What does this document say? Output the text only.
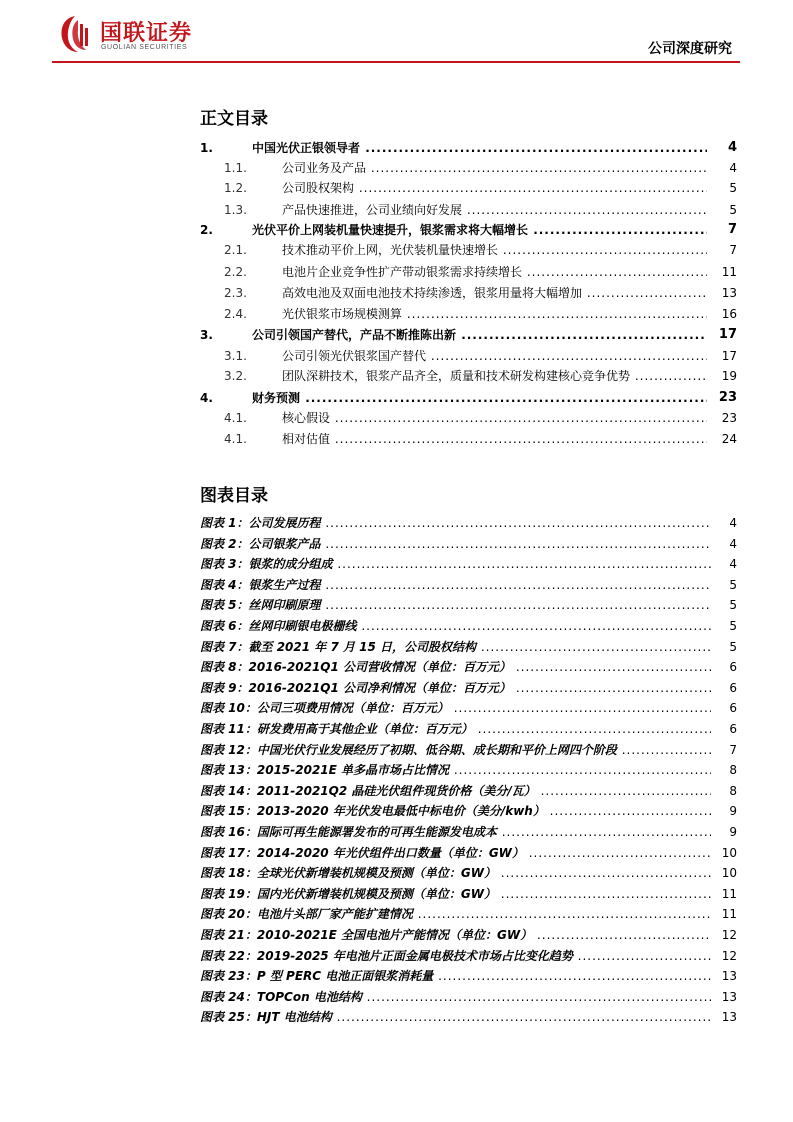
国联证券
GUOLIAN SECURITIES	公司深度研究
正文目录
1.	中国光伏正银领导者 .....	4
1.1.	公司业务及产品 .....	4
1.2.	公司股权架构 .....	5
1.3.	产品快速推进，公司业绩向好发展 .....	5
2.	光伏平价上网装机量快速提升，银浆需求将大幅增长 .....	7
2.1.	技术推动平价上网，光伏装机量快速增长 .....	7
2.2.	电池片企业竞争性扩产带动银浆需求持续增长 .....	11
2.3.	高效电池及双面电池技术持续渗透，银浆用量将大幅增加 .....	13
2.4.	光伏银浆市场规模测算 .....	16
3.	公司引领国产替代，产品不断推陈出新 .....	17
3.1.	公司引领光伏银浆国产替代 .....	17
3.2.	团队深耕技术，银浆产品齐全，质量和技术研发构建核心竞争优势 .....	19
4.	财务预测 .....	23
4.1.	核心假设 .....	23
4.1.	相对估值 .....	24
图表目录
图表 1：公司发展历程 .....	4
图表 2：公司银浆产品 .....	4
图表 3：银浆的成分组成 .....	4
图表 4：银浆生产过程 .....	5
图表 5：丝网印刷原理 .....	5
图表 6：丝网印刷银电极栅线 .....	5
图表 7：截至 2021 年 7 月 15 日，公司股权结构 .....	5
图表 8：2016-2021Q1 公司营收情况（单位：百万元） .....	6
图表 9：2016-2021Q1 公司净利情况（单位：百万元） .....	6
图表 10：公司三项费用情况（单位：百万元） .....	6
图表 11：研发费用高于其他企业（单位：百万元） .....	6
图表 12：中国光伏行业发展经历了初期、低谷期、成长期和平价上网四个阶段 .....	7
图表 13：2015-2021E 单多晶市场占比情况 .....	8
图表 14：2011-2021Q2 晶硅光伏组件现货价格（美分/瓦） .....	8
图表 15：2013-2020 年光伏发电最低中标电价（美分/kwh） .....	9
图表 16：国际可再生能源署发布的可再生能源发电成本 .....	9
图表 17：2014-2020 年光伏组件出口数量（单位：GW） .....	10
图表 18：全球光伏新增装机规模及预测（单位：GW） .....	10
图表 19：国内光伏新增装机规模及预测（单位：GW） .....	11
图表 20：电池片头部厂家产能扩建情况 .....	11
图表 21：2010-2021E 全国电池片产能情况（单位：GW） .....	12
图表 22：2019-2025 年电池片正面金属电极技术市场占比变化趋势 .....	12
图表 23：P 型 PERC 电池正面银浆消耗量 .....	13
图表 24：TOPCon 电池结构 .....	13
图表 25：HJT 电池结构 .....	13
